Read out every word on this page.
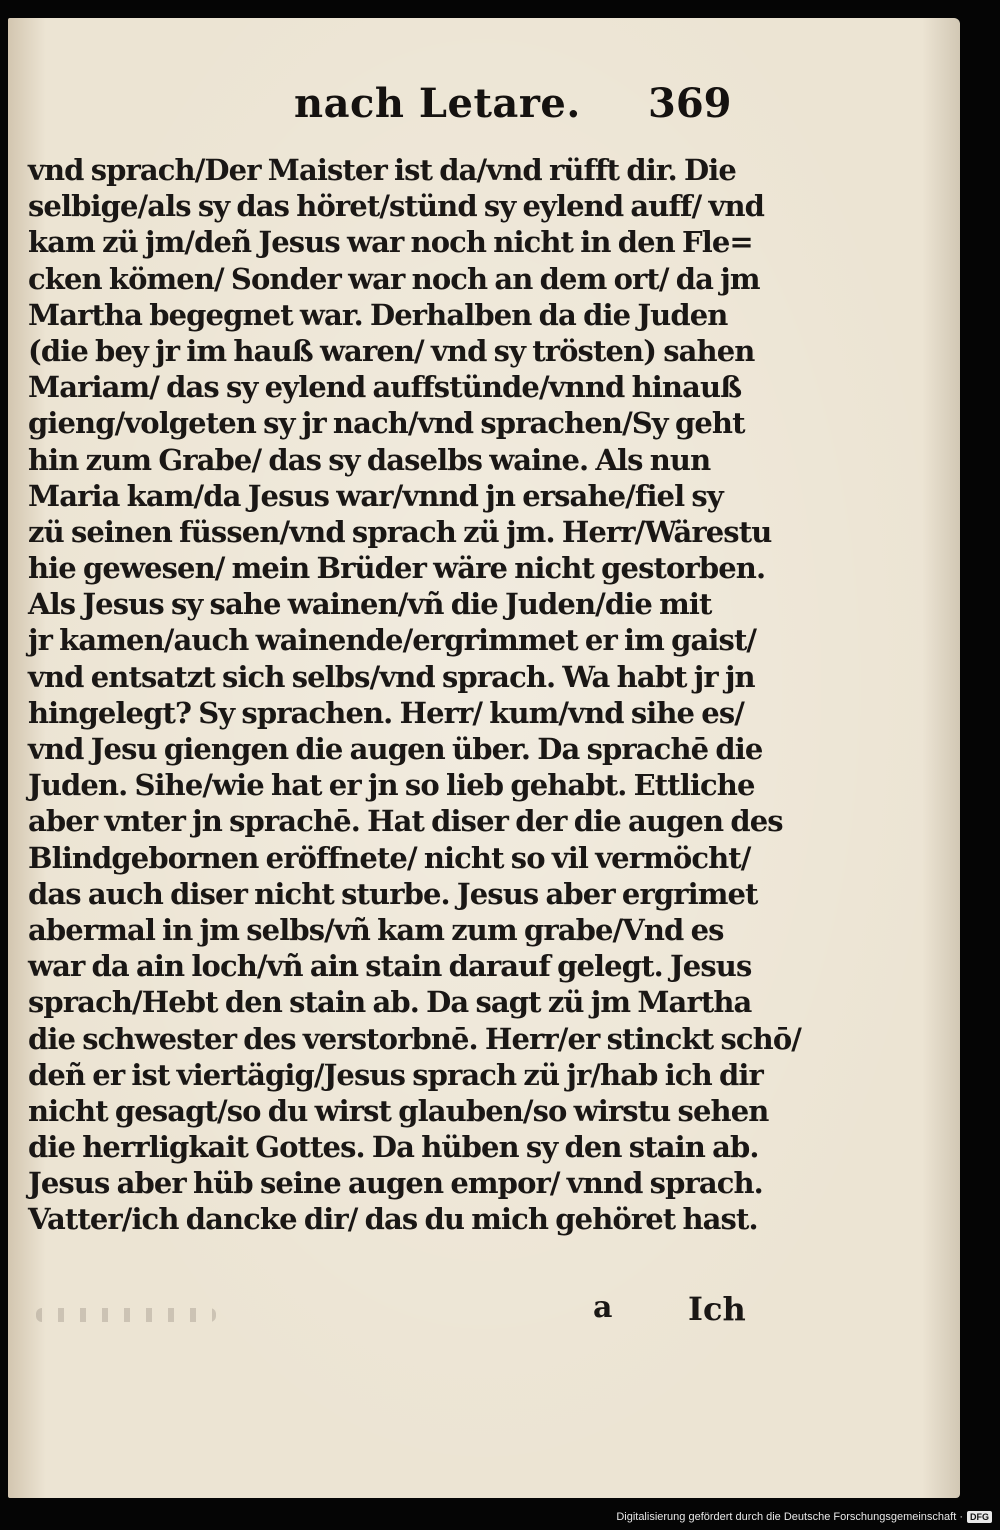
nach Letare. 369
vnd sprach/Der Maister ist da/vnd rüfft dir. Die
selbige/als sy das höret/stünd sy eylend auff/ vnd
kam zü jm/deñ Jesus war noch nicht in den Fle=
cken kömen/ Sonder war noch an dem ort/ da jm
Martha begegnet war. Derhalben da die Juden
(die bey jr im hauß waren/ vnd sy trösten) sahen
Mariam/ das sy eylend auffstünde/vnnd hinauß
gieng/volgeten sy jr nach/vnd sprachen/Sy geht
hin zum Grabe/ das sy daselbs waine. Als nun
Maria kam/da Jesus war/vnnd jn ersahe/fiel sy
zü seinen füssen/vnd sprach zü jm. Herr/Wärestu
hie gewesen/ mein Brüder wäre nicht gestorben.
Als Jesus sy sahe wainen/vñ die Juden/die mit
jr kamen/auch wainende/ergrimmet er im gaist/
vnd entsatzt sich selbs/vnd sprach. Wa habt jr jn
hingelegt? Sy sprachen. Herr/ kum/vnd sihe es/
vnd Jesu giengen die augen über. Da sprachē die
Juden. Sihe/wie hat er jn so lieb gehabt. Ettliche
aber vnter jn sprachē. Hat diser der die augen des
Blindgebornen eröffnete/ nicht so vil vermöcht/
das auch diser nicht sturbe. Jesus aber ergrimet
abermal in jm selbs/vñ kam zum grabe/Vnd es
war da ain loch/vñ ain stain darauf gelegt. Jesus
sprach/Hebt den stain ab. Da sagt zü jm Martha
die schwester des verstorbnē. Herr/er stinckt schō/
deñ er ist viertägig/Jesus sprach zü jr/hab ich dir
nicht gesagt/so du wirst glauben/so wirstu sehen
die herrligkait Gottes. Da hüben sy den stain ab.
Jesus aber hüb seine augen empor/ vnnd sprach.
Vatter/ich dancke dir/ das du mich gehöret hast.
a Ich
Digitalisierung gefördert durch die Deutsche Forschungsgemeinschaft · DFG
